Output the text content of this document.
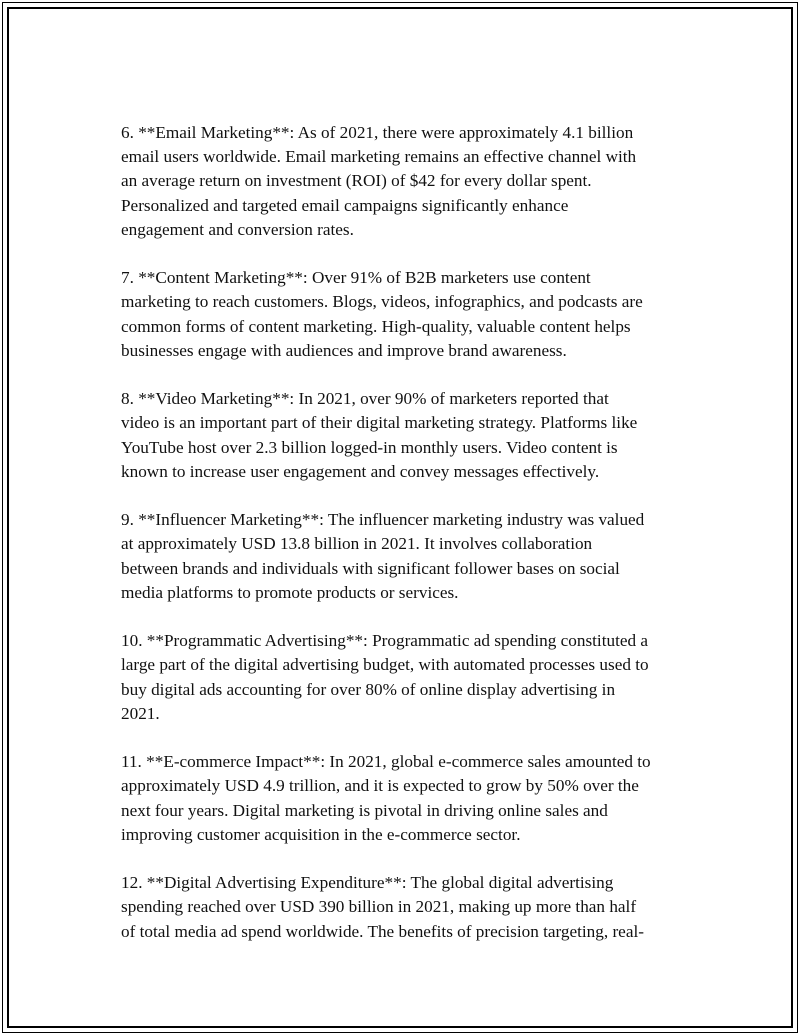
6. **Email Marketing**: As of 2021, there were approximately 4.1 billion
email users worldwide. Email marketing remains an effective channel with
an average return on investment (ROI) of $42 for every dollar spent.
Personalized and targeted email campaigns significantly enhance
engagement and conversion rates.

7. **Content Marketing**: Over 91% of B2B marketers use content
marketing to reach customers. Blogs, videos, infographics, and podcasts are
common forms of content marketing. High-quality, valuable content helps
businesses engage with audiences and improve brand awareness.

8. **Video Marketing**: In 2021, over 90% of marketers reported that
video is an important part of their digital marketing strategy. Platforms like
YouTube host over 2.3 billion logged-in monthly users. Video content is
known to increase user engagement and convey messages effectively.

9. **Influencer Marketing**: The influencer marketing industry was valued
at approximately USD 13.8 billion in 2021. It involves collaboration
between brands and individuals with significant follower bases on social
media platforms to promote products or services.

10. **Programmatic Advertising**: Programmatic ad spending constituted a
large part of the digital advertising budget, with automated processes used to
buy digital ads accounting for over 80% of online display advertising in
2021.

11. **E-commerce Impact**: In 2021, global e-commerce sales amounted to
approximately USD 4.9 trillion, and it is expected to grow by 50% over the
next four years. Digital marketing is pivotal in driving online sales and
improving customer acquisition in the e-commerce sector.

12. **Digital Advertising Expenditure**: The global digital advertising
spending reached over USD 390 billion in 2021, making up more than half
of total media ad spend worldwide. The benefits of precision targeting, real-
